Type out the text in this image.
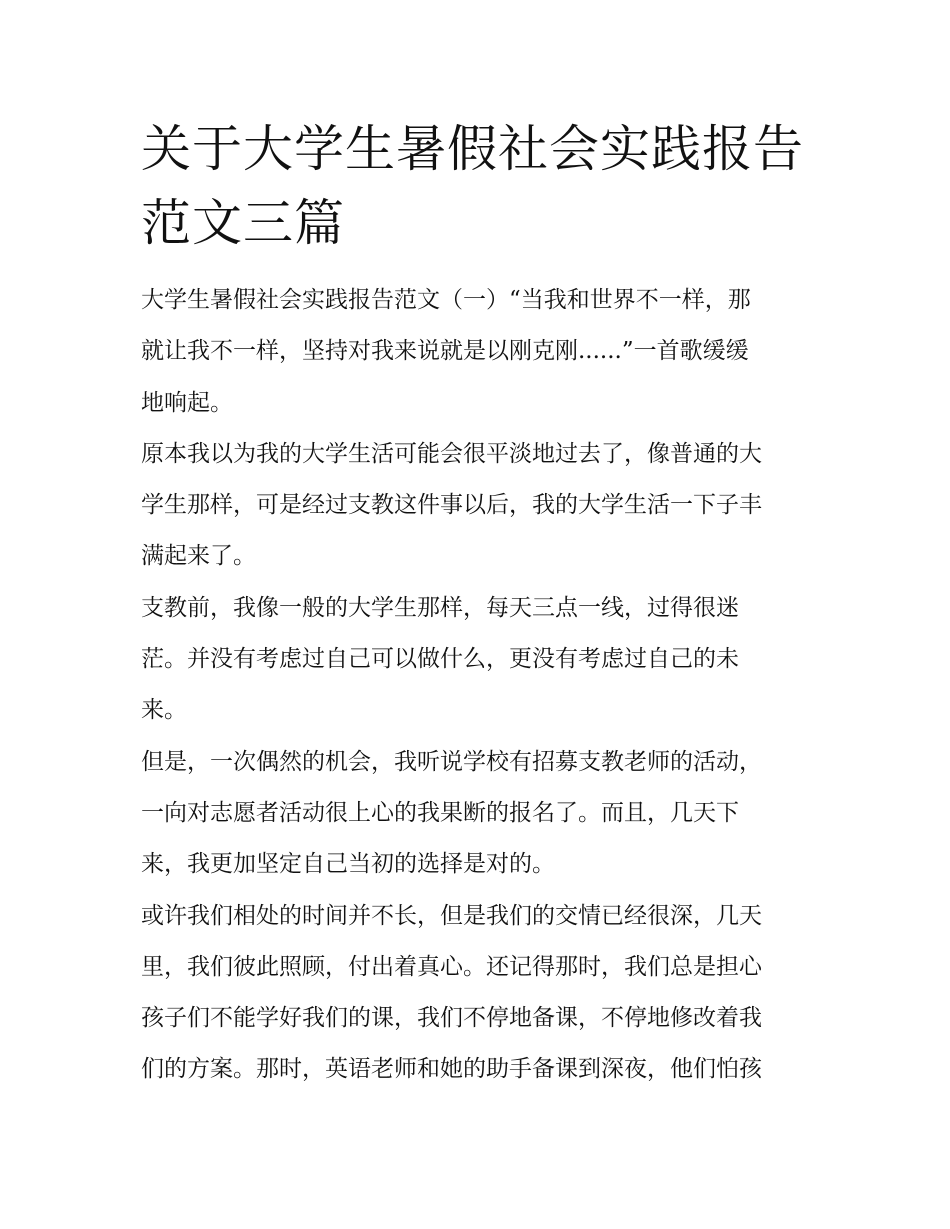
关于大学生暑假社会实践报告
范文三篇
大学生暑假社会实践报告范文（一）“当我和世界不一样，那
就让我不一样，坚持对我来说就是以刚克刚......”一首歌缓缓
地响起。
原本我以为我的大学生活可能会很平淡地过去了，像普通的大
学生那样，可是经过支教这件事以后，我的大学生活一下子丰
满起来了。
支教前，我像一般的大学生那样，每天三点一线，过得很迷
茫。并没有考虑过自己可以做什么，更没有考虑过自己的未
来。
但是，一次偶然的机会，我听说学校有招募支教老师的活动，
一向对志愿者活动很上心的我果断的报名了。而且，几天下
来，我更加坚定自己当初的选择是对的。
或许我们相处的时间并不长，但是我们的交情已经很深，几天
里，我们彼此照顾，付出着真心。还记得那时，我们总是担心
孩子们不能学好我们的课，我们不停地备课，不停地修改着我
们的方案。那时，英语老师和她的助手备课到深夜，他们怕孩
